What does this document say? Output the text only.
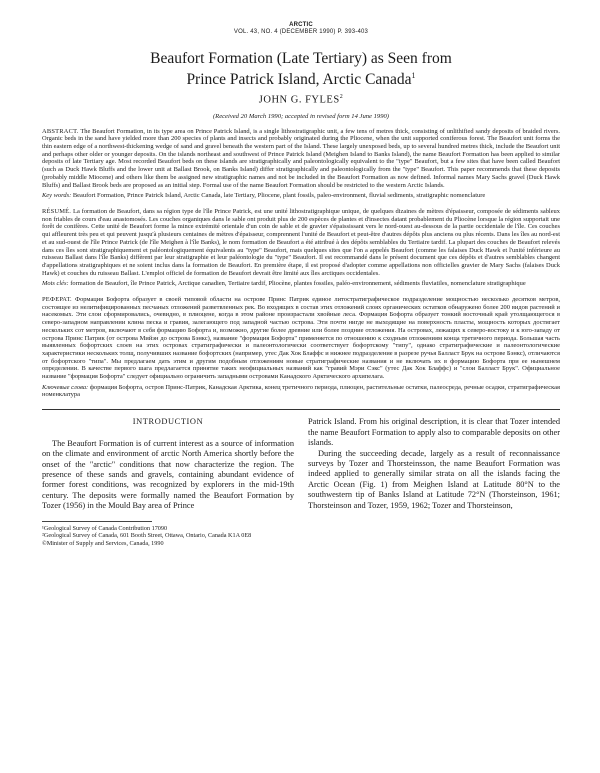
ARCTIC
VOL. 43, NO. 4 (DECEMBER 1990) P. 393-403
Beaufort Formation (Late Tertiary) as Seen from
Prince Patrick Island, Arctic Canada$^1$
JOHN G. FYLES$^2$
(Received 20 March 1990; accepted in revised form 14 June 1990)
ABSTRACT. The Beaufort Formation, in its type area on Prince Patrick Island, is a single lithostratigraphic unit, a few tens of metres thick, consisting of unlithified sandy deposits of braided rivers. Organic beds in the sand have yielded more than 200 species of plants and insects and probably originated during the Pliocene, when the unit supported coniferous forest. The Beaufort unit forms the thin eastern edge of a northwest-thickening wedge of sand and gravel beneath the western part of the Island. These largely unexposed beds, up to several hundred metres thick, include the Beaufort unit and perhaps other older or younger deposits. On the islands northeast and southwest of Prince Patrick Island (Meighen Island to Banks Island), the name Beaufort Formation has been applied to similar deposits of late Tertiary age. Most recorded Beaufort beds on these islands are stratigraphically and paleontologically equivalent to the "type" Beaufort, but a few sites that have been called Beaufort (such as Duck Hawk Bluffs and the lower unit at Ballast Brook, on Banks Island) differ stratigraphically and paleontologically from the "type" Beaufort. This paper recommends that these deposits (probably middle Miocene) and others like them be assigned new stratigraphic names and not be included in the Beaufort Formation as now defined. Informal names Mary Sachs gravel (Duck Hawk Bluffs) and Ballast Brook beds are proposed as an initial step. Formal use of the name Beaufort Formation should be restricted to the western Arctic Islands.
Key words: Beaufort Formation, Prince Patrick Island, Arctic Canada, late Tertiary, Pliocene, plant fossils, paleo-environment, fluvial sediments, stratigraphic nomenclature
RÉSUMÉ. La formation de Beaufort, dans sa région type de l'île Prince Patrick, est une unité lithostratigraphique unique, de quelques dizaines de mètres d'épaisseur, composée de sédiments sableux non friables de cours d'eau anastomosés. Les couches organiques dans le sable ont produit plus de 200 espèces de plantes et d'insectes datant probablement du Pliocène lorsque la région supportait une forêt de conifères. Cette unité de Beaufort forme la mince extrémité orientale d'un coin de sable et de gravier s'épaississant vers le nord-ouest au-dessous de la partie occidentale de l'île. Ces couches qui affleurent très peu et qui peuvent jusqu'à plusieurs centaines de mètres d'épaisseur, comprennent l'unité de Beaufort et peut-être d'autres dépôts plus anciens ou plus récents. Dans les îles au nord-est et au sud-ouest de l'île Prince Patrick (de l'île Meighen à l'île Banks), le nom formation de Beaufort a été attribué à des dépôts semblables du Tertiaire tardif. La plupart des couches de Beaufort relevés dans ces îles sont stratigraphiquement et paléontologiquement équivalents au "type" Beaufort, mais quelques sites que l'on a appelés Beaufort (comme les falaises Duck Hawk et l'unité inférieure au ruisseau Ballast dans l'île Banks) diffèrent par leur stratigraphie et leur paléontologie du "type" Beaufort. Il est recommandé dans le présent document que ces dépôts et d'autres semblables changent d'appellations stratigraphiques et ne soient inclus dans la formation de Beaufort. En première étape, il est proposé d'adopter comme appellations non officielles gravier de Mary Sachs (falaises Duck Hawk) et couches du ruisseau Ballast. L'emploi officiel de formation de Beaufort devrait être limité aux îles arctiques occidentales.
Mots clés: formation de Beaufort, île Prince Patrick, Arctique canadien, Tertiaire tardif, Pliocène, plantes fossiles, paléo-environnement, sédiments fluviatiles, nomenclature stratigraphique
РЕФЕРАТ. Формация Бофорта образует в своей типовой области на острове Принс Патрик единое литостратиграфическое подразделение мощностью несколько десятков метров, состоящее из нелитифицированных песчаных отложений разветвленных рек. Во входящих в состав этих отложений слоях органических остатков обнаружено более 200 видов растений и насекомых. Эти слои сформировались, очевидно, в плиоцене, когда в этом районе произрастали хвойные леса. Формация Бофорта образует тонкий восточный край утолщающегося в северо-западном направлении клина песка и гравия, залегающего под западной частью острова. Эти почти нигде не выходящие на поверхность пласты, мощность которых достигает нескольких сот метров, включают в себя формацию Бофорта и, возможно, другие более древние или более поздние отложения. На островах, лежащих к северо-востоку и к юго-западу от острова Принс Патрик (от острова Мийэн до острова Бэнкс), название "формация Бофорта" применяется по отношению к сходным отложениям конца третичного периода. Большая часть выявленных бофортских слоев на этих островах стратиграфически и палеонтологически соответствует бофортскому "типу", однако стратиграфические и палеонтологические характеристики нескольких толщ, получивших название бофортских (например, утес Дак Хок Блаффс и нижнее подразделение в разрезе ручья Балласт Брук на острове Бэнкс), отличаются от бофортского "типа". Мы предлагаем дать этим и другим подобным отложениям новые стратиграфические названия и не включать их в формацию Бофорта при ее нынешнем определении. В качестве первого шага предлагается принятие таких неофициальных названий как "гравий Мэри Сэкс" (утес Дак Хок Блаффс) и "слои Балласт Брук". Официальное название "формация Бофорта" следует официально ограничить западными островами Канадского Арктического архипелага.
Ключевые слова: формация Бофорта, остров Принс-Патрик, Канадская Арктика, конец третичного периода, плиоцен, растительные остатки, палеосреда, речные осадки, стратиграфическая номенклатура
INTRODUCTION

The Beaufort Formation is of current interest as a source of information on the climate and environment of arctic North America shortly before the onset of the "arctic" conditions that now characterize the region. The presence of these sands and gravels, containing abundant evidence of former forest conditions, was recognized by explorers in the mid-19th century. The deposits were formally named the Beaufort Formation by Tozer (1956) in the Mould Bay area of Prince

¹Geological Survey of Canada Contribution 17090
²Geological Survey of Canada, 601 Booth Street, Ottawa, Ontario, Canada K1A 0E8
©Minister of Supply and Services, Canada, 1990

Patrick Island. From his original description, it is clear that Tozer intended the name Beaufort Formation to apply also to comparable deposits on other islands.

During the succeeding decade, largely as a result of reconnaissance surveys by Tozer and Thorsteinsson, the name Beaufort Formation was indeed applied to generally similar strata on all the islands facing the Arctic Ocean (Fig. 1) from Meighen Island at Latitude 80°N to the southwestern tip of Banks Island at Latitude 72°N (Thorsteinson, 1961; Thorsteinson and Tozer, 1959, 1962; Tozer and Thorsteinson,
